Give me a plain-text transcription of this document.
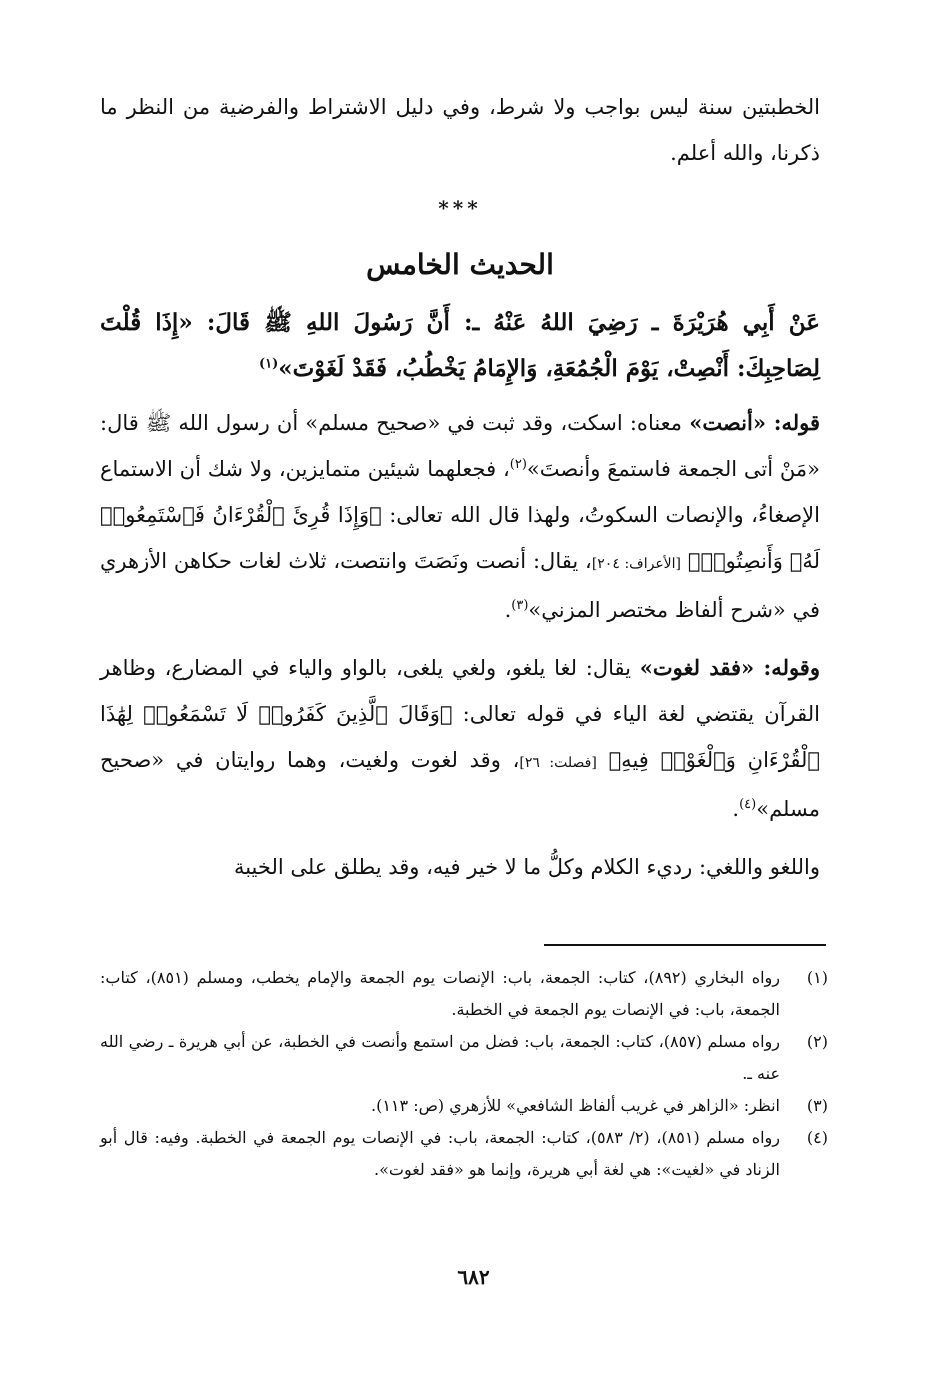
الخطبتين سنة ليس بواجب ولا شرط، وفي دليل الاشتراط والفرضية من النظر ما ذكرنا، والله أعلم.

***
الحديث الخامس

عَنْ أَبِي هُرَيْرَةَ ـ رَضِيَ اللهُ عَنْهُ ـ: أَنَّ رَسُولَ اللهِ ﷺ قَالَ: «إِذَا قُلْتَ لِصَاحِبِكَ: أَنْصِتْ، يَوْمَ الْجُمُعَةِ، وَالإِمَامُ يَخْطُبُ، فَقَدْ لَغَوْتَ»$^{(١)}$

قوله: «أنصت» معناه: اسكت، وقد ثبت في «صحيح مسلم» أن رسول الله ﷺ قال: «مَنْ أتى الجمعة فاستمعَ وأنصتَ»$^{(٢)}$، فجعلهما شيئين متمايزين، ولا شك أن الاستماع الإصغاءُ، والإنصات السكوتُ، ولهذا قال الله تعالى: ﴿وَإِذَا قُرِئَ ٱلْقُرْءَانُ فَٱسْتَمِعُوا۟ لَهُۥ وَأَنصِتُوا۟﴾ [الأعراف: ٢٠٤]، يقال: أنصت ونَصَتَ وانتصت، ثلاث لغات حكاهن الأزهري في «شرح ألفاظ مختصر المزني»$^{(٣)}$.

وقوله: «فقد لغوت» يقال: لغا يلغو، ولغي يلغى، بالواو والياء في المضارع، وظاهر القرآن يقتضي لغة الياء في قوله تعالى: ﴿وَقَالَ ٱلَّذِينَ كَفَرُوا۟ لَا تَسْمَعُوا۟ لِهَٰذَا ٱلْقُرْءَانِ وَٱلْغَوْا۟ فِيهِ﴾ [فصلت: ٢٦]، وقد لغوت ولغيت، وهما روايتان في «صحيح مسلم»$^{(٤)}$.

واللغو واللغي: رديء الكلام وكلُّ ما لا خير فيه، وقد يطلق على الخيبة

(١)
رواه البخاري (٨٩٢)، كتاب: الجمعة، باب: الإنصات يوم الجمعة والإمام يخطب، ومسلم (٨٥١)، كتاب: الجمعة، باب: في الإنصات يوم الجمعة في الخطبة.
(٢)
رواه مسلم (٨٥٧)، كتاب: الجمعة، باب: فضل من استمع وأنصت في الخطبة، عن أبي هريرة ـ رضي الله عنه ـ.
(٣)
انظر: «الزاهر في غريب ألفاظ الشافعي» للأزهري (ص: ١١٣).
(٤)
رواه مسلم (٨٥١)، (٢/ ٥٨٣)، كتاب: الجمعة، باب: في الإنصات يوم الجمعة في الخطبة. وفيه: قال أبو الزناد في «لغيت»: هي لغة أبي هريرة، وإنما هو «فقد لغوت».
٦٨٢
